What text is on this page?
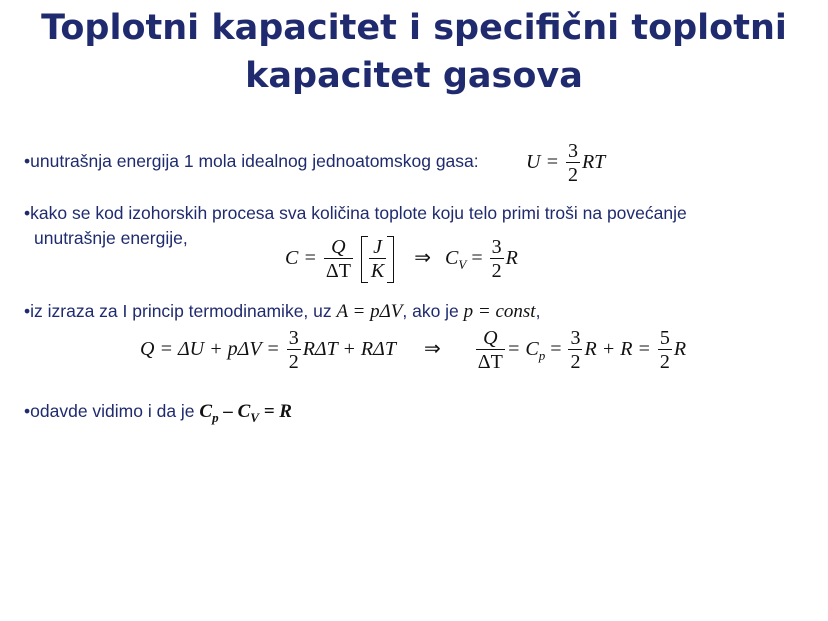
Toplotni kapacitet i specifični toplotni
kapacitet gasova
•unutrašnja energija 1 mola idealnog jednoatomskog gasa: $U = \frac{3}{2}$ RT
•kako se kod izohorskih procesa sva količina toplote koju telo primi troši na povećanje
unutrašnje energije,
$C = \frac{Q}{\Delta T} \frac{J}{K}$ ⇒ $C_V = \frac{3}{2}$ R
•iz izraza za I princip termodinamike, uz A = pΔV, ako je p = const,
$Q = \Delta U + p\Delta V = \frac{3}{2}$ RΔT + RΔT ⇒ $\frac{Q}{\Delta T} = C_p = \frac{3}{2}$ $R + R = \frac{5}{2}$ R
•odavde vidimo i da je $C_p - C_V = R$
